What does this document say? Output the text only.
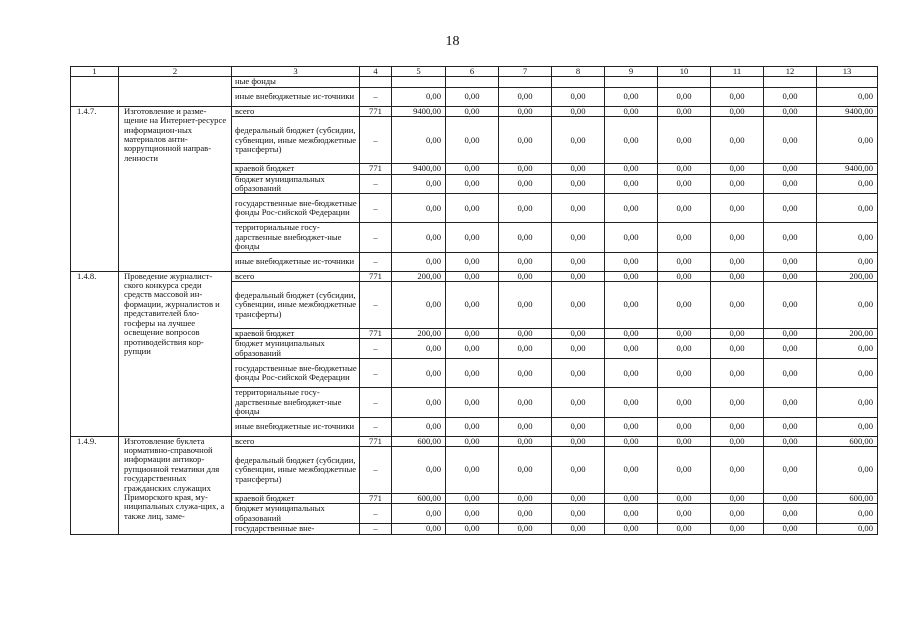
18
1	2	3	4	5	6	7	8	9	10	11	12	13
		ные фонды										
		иные внебюджетные ис-точники	–	0,00	0,00	0,00	0,00	0,00	0,00	0,00	0,00	0,00
1.4.7.	Изготовление и разме-щение на Интернет-ресурсе информацион-ных материалов анти-коррупционной направ-ленности	всего	771	9400,00	0,00	0,00	0,00	0,00	0,00	0,00	0,00	9400,00
		федеральный бюджет (субсидии, субвенции, иные межбюджетные трансферты)	–	0,00	0,00	0,00	0,00	0,00	0,00	0,00	0,00	0,00
		краевой бюджет	771	9400,00	0,00	0,00	0,00	0,00	0,00	0,00	0,00	9400,00
		бюджет муниципальных образований	–	0,00	0,00	0,00	0,00	0,00	0,00	0,00	0,00	0,00
		государственные вне-бюджетные фонды Рос-сийской Федерации	–	0,00	0,00	0,00	0,00	0,00	0,00	0,00	0,00	0,00
		территориальные госу-дарственные внебюджет-ные фонды	–	0,00	0,00	0,00	0,00	0,00	0,00	0,00	0,00	0,00
		иные внебюджетные ис-точники	–	0,00	0,00	0,00	0,00	0,00	0,00	0,00	0,00	0,00
1.4.8.	Проведение журналист-ского конкурса среди средств массовой ин-формации, журналистов и представителей бло-госферы на лучшее освещение вопросов противодействия кор-рупции	всего	771	200,00	0,00	0,00	0,00	0,00	0,00	0,00	0,00	200,00
		федеральный бюджет (субсидии, субвенции, иные межбюджетные трансферты)	–	0,00	0,00	0,00	0,00	0,00	0,00	0,00	0,00	0,00
		краевой бюджет	771	200,00	0,00	0,00	0,00	0,00	0,00	0,00	0,00	200,00
		бюджет муниципальных образований	–	0,00	0,00	0,00	0,00	0,00	0,00	0,00	0,00	0,00
		государственные вне-бюджетные фонды Рос-сийской Федерации	–	0,00	0,00	0,00	0,00	0,00	0,00	0,00	0,00	0,00
		территориальные госу-дарственные внебюджет-ные фонды	–	0,00	0,00	0,00	0,00	0,00	0,00	0,00	0,00	0,00
		иные внебюджетные ис-точники	–	0,00	0,00	0,00	0,00	0,00	0,00	0,00	0,00	0,00
1.4.9.	Изготовление буклета нормативно-справочной информации антикор-рупционной тематики для государственных гражданских служащих Приморского края, му-ниципальных служа-щих, а также лиц, заме-	всего	771	600,00	0,00	0,00	0,00	0,00	0,00	0,00	0,00	600,00
		федеральный бюджет (субсидии, субвенции, иные межбюджетные трансферты)	–	0,00	0,00	0,00	0,00	0,00	0,00	0,00	0,00	0,00
		краевой бюджет	771	600,00	0,00	0,00	0,00	0,00	0,00	0,00	0,00	600,00
		бюджет муниципальных образований	–	0,00	0,00	0,00	0,00	0,00	0,00	0,00	0,00	0,00
		государственные вне-	–	0,00	0,00	0,00	0,00	0,00	0,00	0,00	0,00	0,00
